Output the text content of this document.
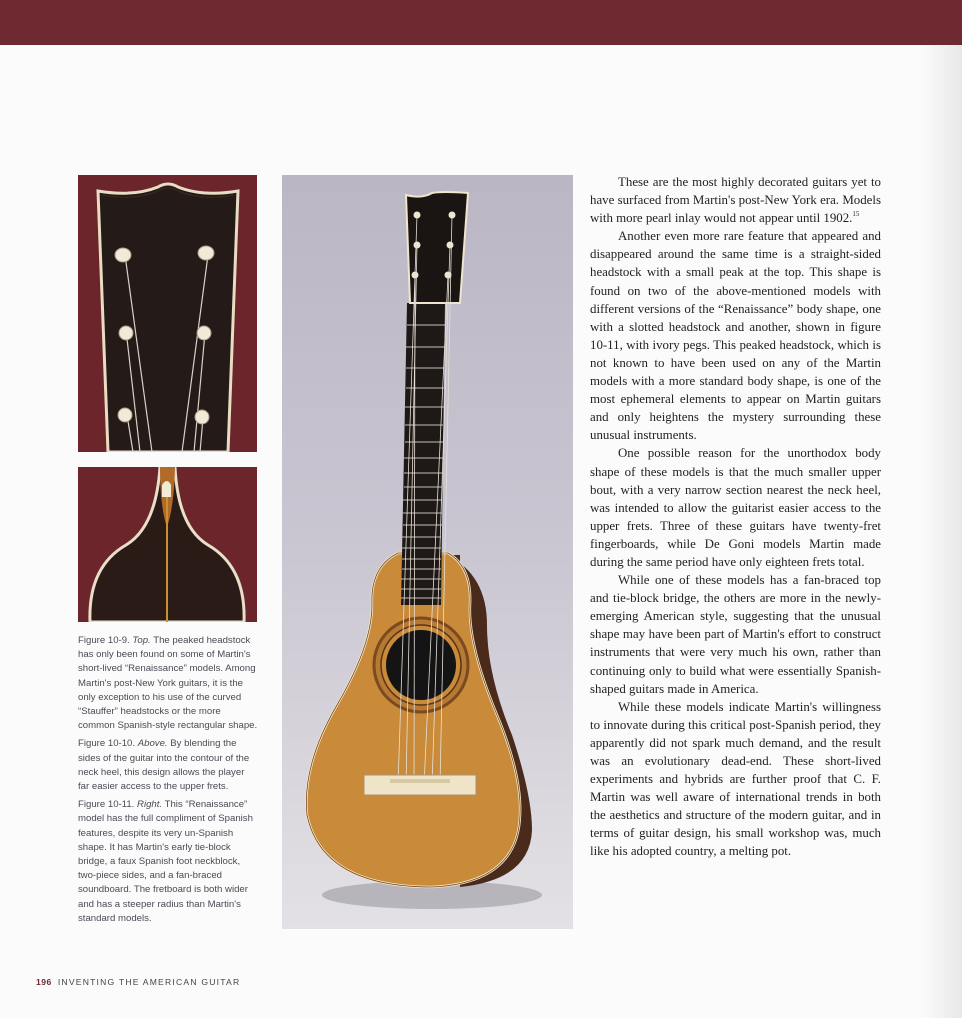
Figure 10-9. Top. The peaked headstock has only been found on some of Martin's short-lived “Renaissance” models. Among Martin's post-New York guitars, it is the only exception to his use of the curved “Stauffer” headstocks or the more common Spanish-style rectangular shape.

Figure 10-10. Above. By blending the sides of the guitar into the contour of the neck heel, this design allows the player far easier access to the upper frets.

Figure 10-11. Right. This “Renaissance” model has the full compliment of Spanish features, despite its very un-Spanish shape. It has Martin's early tie-block bridge, a faux Spanish foot neckblock, two-piece sides, and a fan-braced soundboard. The fretboard is both wider and has a steeper radius than Martin's standard models.

These are the most highly decorated guitars yet to have surfaced from Martin's post-New York era. Models with more pearl inlay would not appear until 1902.15

Another even more rare feature that appeared and disappeared around the same time is a straight-sided headstock with a small peak at the top. This shape is found on two of the above-mentioned models with different versions of the “Renaissance” body shape, one with a slotted headstock and another, shown in figure 10-11, with ivory pegs. This peaked headstock, which is not known to have been used on any of the Martin models with a more standard body shape, is one of the most ephemeral elements to appear on Martin guitars and only heightens the mystery surrounding these unusual instruments.

One possible reason for the unorthodox body shape of these models is that the much smaller upper bout, with a very narrow section nearest the neck heel, was intended to allow the guitarist easier access to the upper frets. Three of these guitars have twenty-fret fingerboards, while De Goni models Martin made during the same period have only eighteen frets total.

While one of these models has a fan-braced top and tie-block bridge, the others are more in the newly-emerging American style, suggesting that the unusual shape may have been part of Martin's effort to construct instruments that were very much his own, rather than continuing only to build what were essentially Spanish-shaped guitars made in America.

While these models indicate Martin's willingness to innovate during this critical post-Spanish period, they apparently did not spark much demand, and the result was an evolutionary dead-end. These short-lived experiments and hybrids are further proof that C. F. Martin was well aware of international trends in both the aesthetics and structure of the modern guitar, and in terms of guitar design, his small workshop was, much like his adopted country, a melting pot.

196 INVENTING THE AMERICAN GUITAR
